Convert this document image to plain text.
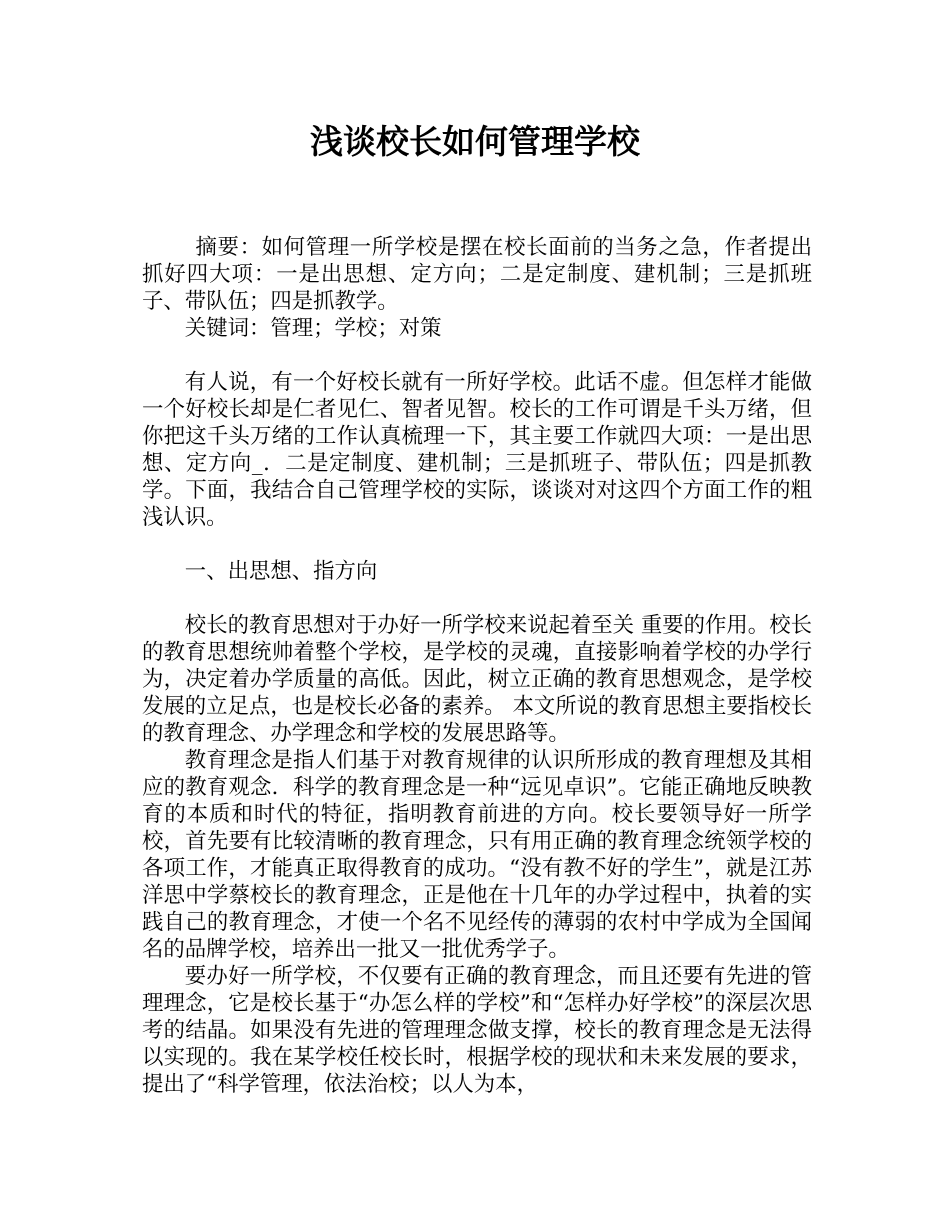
浅谈校长如何管理学校

摘要：如何管理一所学校是摆在校长面前的当务之急，作者提出抓好四大项：一是出思想、定方向；二是定制度、建机制；三是抓班子、带队伍；四是抓教学。

关键词：管理；学校；对策

有人说，有一个好校长就有一所好学校。此话不虚。但怎样才能做一个好校长却是仁者见仁、智者见智。校长的工作可谓是千头万绪，但你把这千头万绪的工作认真梳理一下，其主要工作就四大项：一是出思想、定方向_．二是定制度、建机制；三是抓班子、带队伍；四是抓教学。下面，我结合自己管理学校的实际，谈谈对对这四个方面工作的粗浅认识。

一、出思想、指方向

校长的教育思想对于办好一所学校来说起着至关 重要的作用。校长的教育思想统帅着整个学校，是学校的灵魂，直接影响着学校的办学行为，决定着办学质量的高低。因此，树立正确的教育思想观念，是学校发展的立足点，也是校长必备的素养。 本文所说的教育思想主要指校长的教育理念、办学理念和学校的发展思路等。

教育理念是指人们基于对教育规律的认识所形成的教育理想及其相应的教育观念．科学的教育理念是一种“远见卓识”。它能正确地反映教育的本质和时代的特征，指明教育前进的方向。校长要领导好一所学校，首先要有比较清晰的教育理念，只有用正确的教育理念统领学校的各项工作，才能真正取得教育的成功。“没有教不好的学生”，就是江苏洋思中学蔡校长的教育理念，正是他在十几年的办学过程中，执着的实践自己的教育理念，才使一个名不见经传的薄弱的农村中学成为全国闻名的品牌学校，培养出一批又一批优秀学子。

要办好一所学校，不仅要有正确的教育理念，而且还要有先进的管理理念，它是校长基于“办怎么样的学校”和“怎样办好学校”的深层次思考的结晶。如果没有先进的管理理念做支撑，校长的教育理念是无法得以实现的。我在某学校任校长时，根据学校的现状和未来发展的要求，提出了“科学管理，依法治校；以人为本，
